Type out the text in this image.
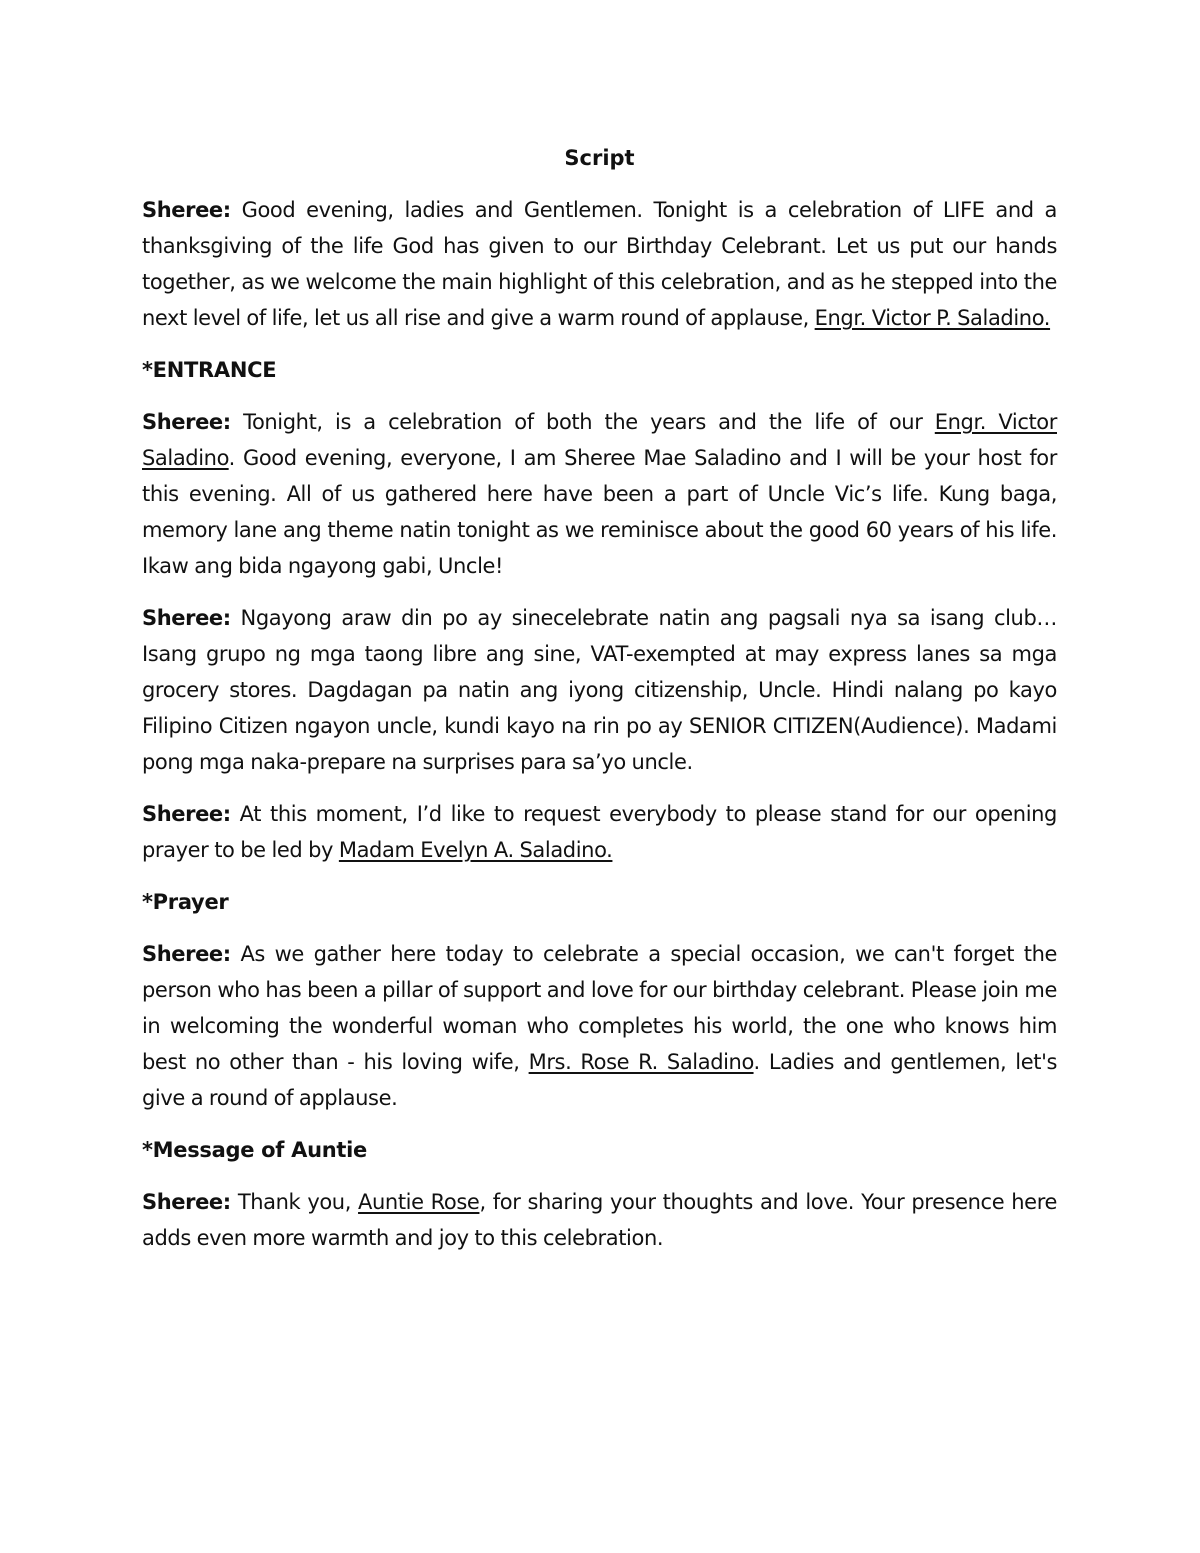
Script

Sheree: Good evening, ladies and Gentlemen. Tonight is a celebration of LIFE and a thanksgiving of the life God has given to our Birthday Celebrant. Let us put our hands together, as we welcome the main highlight of this celebration, and as he stepped into the next level of life, let us all rise and give a warm round of applause, Engr. Victor P. Saladino.

*ENTRANCE

Sheree: Tonight, is a celebration of both the years and the life of our Engr. Victor Saladino. Good evening, everyone, I am Sheree Mae Saladino and I will be your host for this evening. All of us gathered here have been a part of Uncle Vic’s life. Kung baga, memory lane ang theme natin tonight as we reminisce about the good 60 years of his life. Ikaw ang bida ngayong gabi, Uncle!

Sheree: Ngayong araw din po ay sinecelebrate natin ang pagsali nya sa isang club… Isang grupo ng mga taong libre ang sine, VAT-exempted at may express lanes sa mga grocery stores. Dagdagan pa natin ang iyong citizenship, Uncle. Hindi nalang po kayo Filipino Citizen ngayon uncle, kundi kayo na rin po ay SENIOR CITIZEN(Audience). Madami pong mga naka-prepare na surprises para sa’yo uncle.

Sheree: At this moment, I’d like to request everybody to please stand for our opening prayer to be led by Madam Evelyn A. Saladino.

*Prayer

Sheree: As we gather here today to celebrate a special occasion, we can't forget the person who has been a pillar of support and love for our birthday celebrant. Please join me in welcoming the wonderful woman who completes his world, the one who knows him best no other than - his loving wife, Mrs. Rose R. Saladino. Ladies and gentlemen, let's give a round of applause.

*Message of Auntie

Sheree: Thank you, Auntie Rose, for sharing your thoughts and love. Your presence here adds even more warmth and joy to this celebration.
